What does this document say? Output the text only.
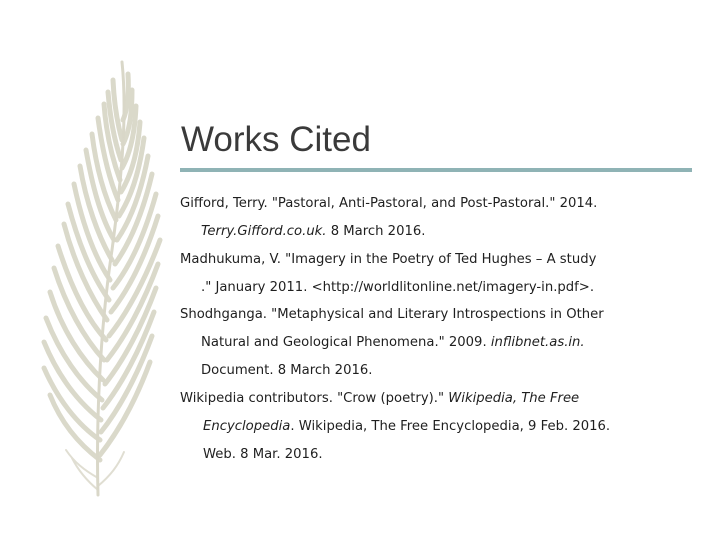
Works Cited
Gifford, Terry. "Pastoral, Anti-Pastoral, and Post-Pastoral." 2014.
Terry.Gifford.co.uk. 8 March 2016.
Madhukuma, V. "Imagery in the Poetry of Ted Hughes – A study
." January 2011. <http://worldlitonline.net/imagery-in.pdf>.
Shodhganga. "Metaphysical and Literary Introspections in Other
Natural and Geological Phenomena." 2009. inflibnet.as.in.
Document. 8 March 2016.
Wikipedia contributors. "Crow (poetry)." Wikipedia, The Free
Encyclopedia. Wikipedia, The Free Encyclopedia, 9 Feb. 2016.
Web. 8 Mar. 2016.
